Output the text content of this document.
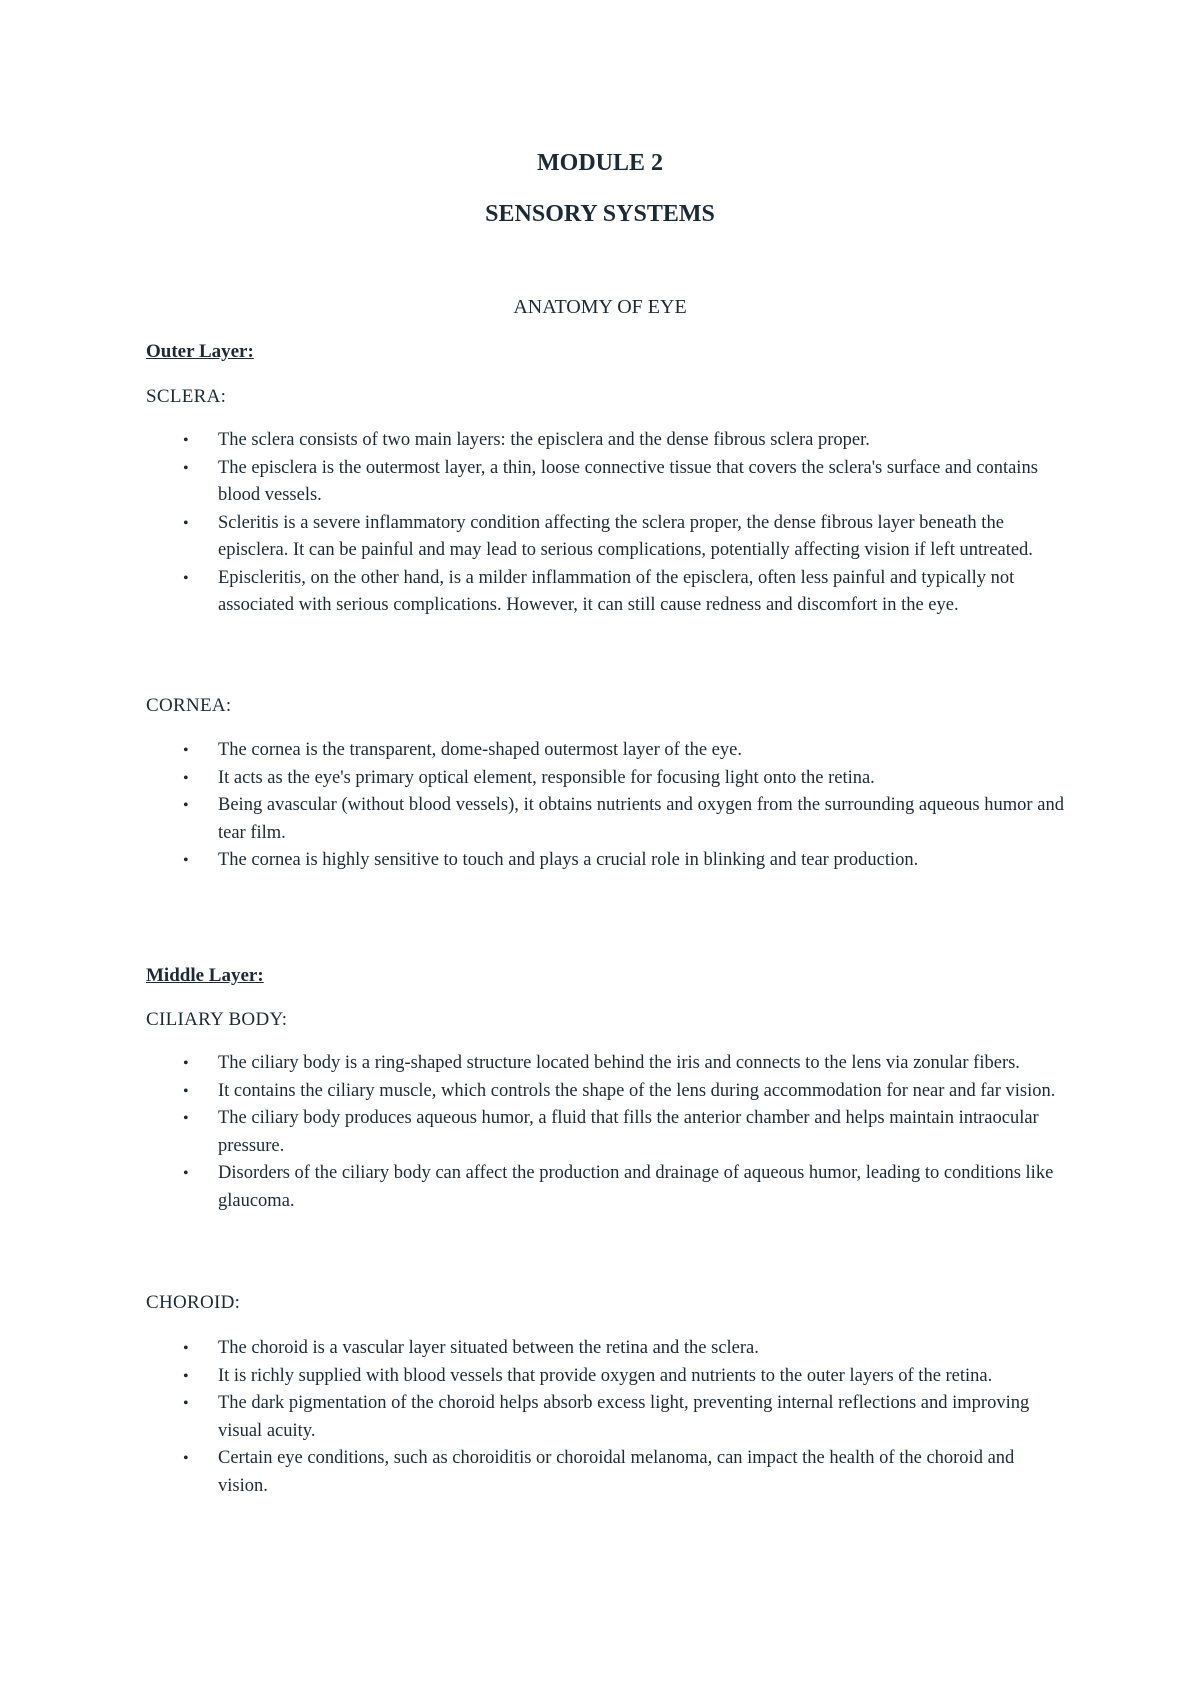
MODULE 2
SENSORY SYSTEMS
ANATOMY OF EYE

Outer Layer:

SCLERA:

• The sclera consists of two main layers: the episclera and the dense fibrous sclera proper.
• The episclera is the outermost layer, a thin, loose connective tissue that covers the sclera's surface and contains blood vessels.
• Scleritis is a severe inflammatory condition affecting the sclera proper, the dense fibrous layer beneath the episclera. It can be painful and may lead to serious complications, potentially affecting vision if left untreated.
• Episcleritis, on the other hand, is a milder inflammation of the episclera, often less painful and typically not associated with serious complications. However, it can still cause redness and discomfort in the eye.

CORNEA:

• The cornea is the transparent, dome-shaped outermost layer of the eye.
• It acts as the eye's primary optical element, responsible for focusing light onto the retina.
• Being avascular (without blood vessels), it obtains nutrients and oxygen from the surrounding aqueous humor and tear film.
• The cornea is highly sensitive to touch and plays a crucial role in blinking and tear production.

Middle Layer:

CILIARY BODY:

• The ciliary body is a ring-shaped structure located behind the iris and connects to the lens via zonular fibers.
• It contains the ciliary muscle, which controls the shape of the lens during accommodation for near and far vision.
• The ciliary body produces aqueous humor, a fluid that fills the anterior chamber and helps maintain intraocular pressure.
• Disorders of the ciliary body can affect the production and drainage of aqueous humor, leading to conditions like glaucoma.

CHOROID:

• The choroid is a vascular layer situated between the retina and the sclera.
• It is richly supplied with blood vessels that provide oxygen and nutrients to the outer layers of the retina.
• The dark pigmentation of the choroid helps absorb excess light, preventing internal reflections and improving visual acuity.
• Certain eye conditions, such as choroiditis or choroidal melanoma, can impact the health of the choroid and vision.
